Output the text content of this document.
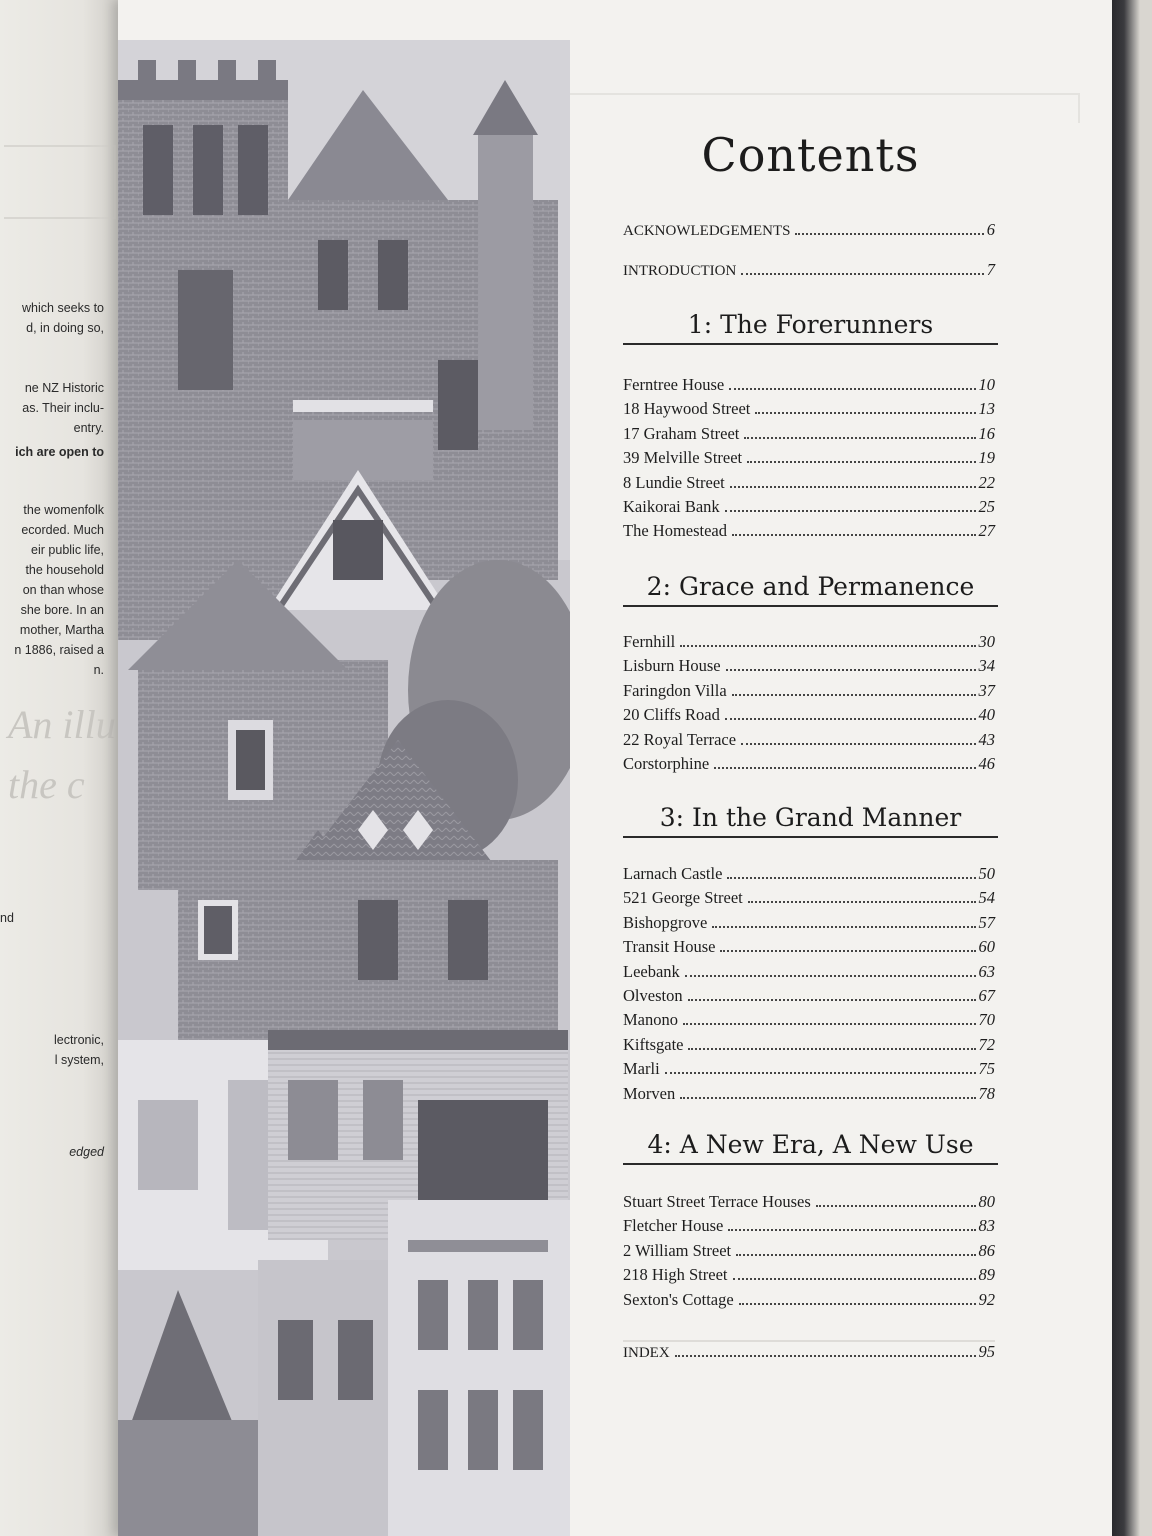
which seeks to
d, in doing so,
ne NZ Historic
as. Their inclu-
entry.
ich are open to
the womenfolk
ecorded. Much
eir public life,
the household
on than whose
she bore. In an
mother, Martha
n 1886, raised a
n.
nd
lectronic,
l system,
edged
An illu
the c
Contents
ACKNOWLEDGEMENTS	6
INTRODUCTION	7
1: The Forerunners
Ferntree House	10
18 Haywood Street	13
17 Graham Street	16
39 Melville Street	19
8 Lundie Street	22
Kaikorai Bank	25
The Homestead	27
2: Grace and Permanence
Fernhill	30
Lisburn House	34
Faringdon Villa	37
20 Cliffs Road	40
22 Royal Terrace	43
Corstorphine	46
3: In the Grand Manner
Larnach Castle	50
521 George Street	54
Bishopgrove	57
Transit House	60
Leebank	63
Olveston	67
Manono	70
Kiftsgate	72
Marli	75
Morven	78
4: A New Era, A New Use
Stuart Street Terrace Houses	80
Fletcher House	83
2 William Street	86
218 High Street	89
Sexton's Cottage	92
INDEX	95
